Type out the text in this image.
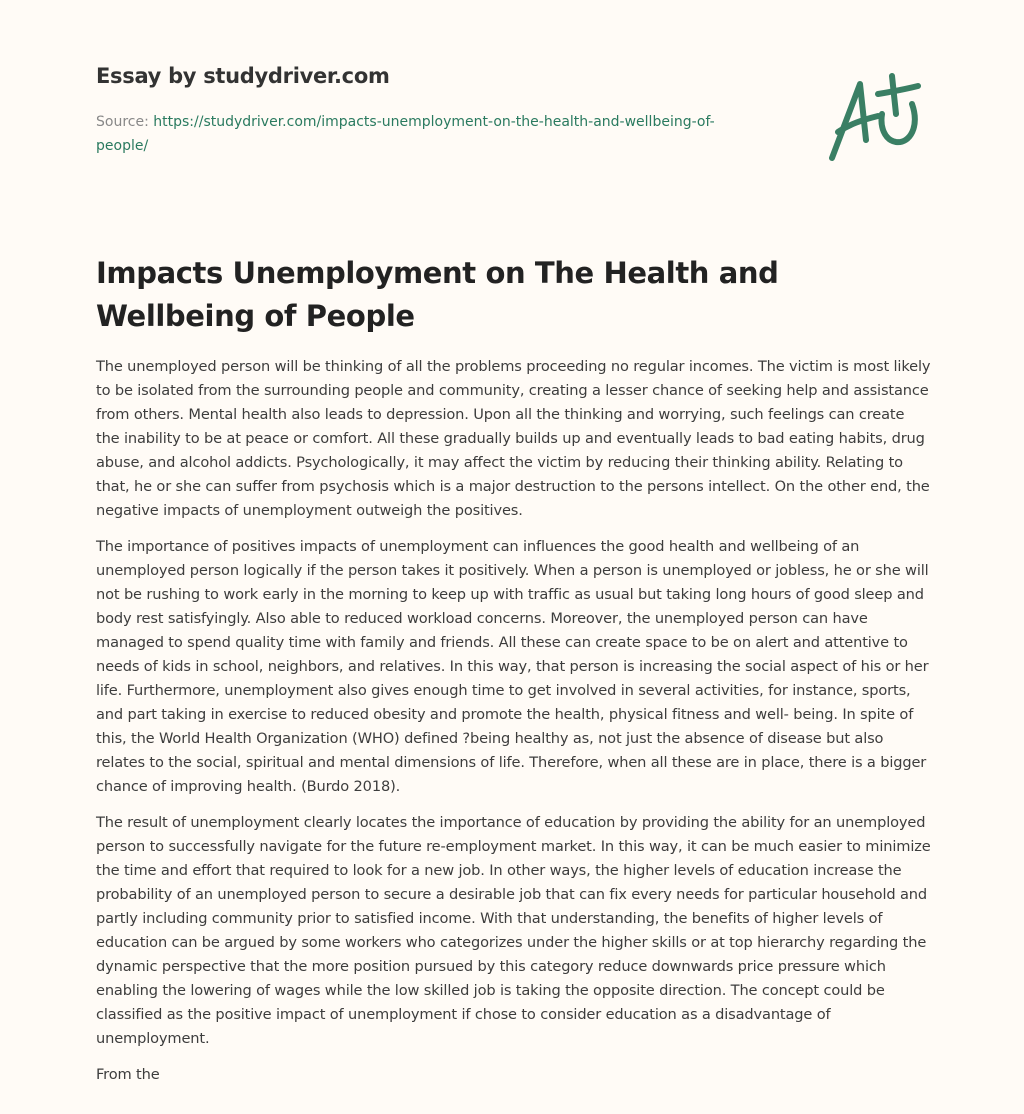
Essay by studydriver.com
Source: https://studydriver.com/impacts-unemployment-on-the-health-and-wellbeing-of-people/
Impacts Unemployment on The Health and Wellbeing of People

The unemployed person will be thinking of all the problems proceeding no regular incomes. The victim is most likely to be isolated from the surrounding people and community, creating a lesser chance of seeking help and assistance from others. Mental health also leads to depression. Upon all the thinking and worrying, such feelings can create the inability to be at peace or comfort. All these gradually builds up and eventually leads to bad eating habits, drug abuse, and alcohol addicts. Psychologically, it may affect the victim by reducing their thinking ability. Relating to that, he or she can suffer from psychosis which is a major destruction to the persons intellect. On the other end, the negative impacts of unemployment outweigh the positives.

The importance of positives impacts of unemployment can influences the good health and wellbeing of an unemployed person logically if the person takes it positively. When a person is unemployed or jobless, he or she will not be rushing to work early in the morning to keep up with traffic as usual but taking long hours of good sleep and body rest satisfyingly. Also able to reduced workload concerns. Moreover, the unemployed person can have managed to spend quality time with family and friends. All these can create space to be on alert and attentive to needs of kids in school, neighbors, and relatives. In this way, that person is increasing the social aspect of his or her life. Furthermore, unemployment also gives enough time to get involved in several activities, for instance, sports, and part taking in exercise to reduced obesity and promote the health, physical fitness and well- being. In spite of this, the World Health Organization (WHO) defined ?being healthy as, not just the absence of disease but also relates to the social, spiritual and mental dimensions of life. Therefore, when all these are in place, there is a bigger chance of improving health. (Burdo 2018).

The result of unemployment clearly locates the importance of education by providing the ability for an unemployed person to successfully navigate for the future re-employment market. In this way, it can be much easier to minimize the time and effort that required to look for a new job. In other ways, the higher levels of education increase the probability of an unemployed person to secure a desirable job that can fix every needs for particular household and partly including community prior to satisfied income. With that understanding, the benefits of higher levels of education can be argued by some workers who categorizes under the higher skills or at top hierarchy regarding the dynamic perspective that the more position pursued by this category reduce downwards price pressure which enabling the lowering of wages while the low skilled job is taking the opposite direction. The concept could be classified as the positive impact of unemployment if chose to consider education as a disadvantage of unemployment.

From the
